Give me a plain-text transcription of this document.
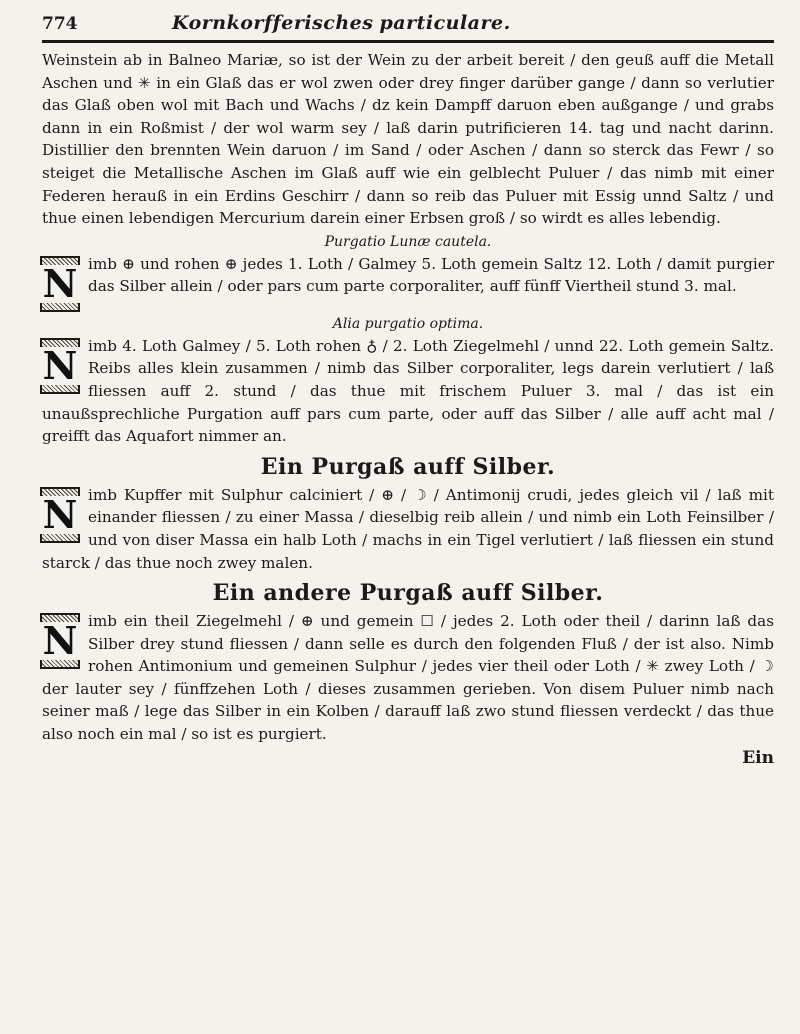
774	Kornkorfferisches particulare.

Weinstein ab in Balneo Mariæ, so ist der Wein zu der arbeit bereit / den geuß auff die Metall Aschen und ✳ in ein Glaß das er wol zwen oder drey finger darüber gange / dann so verlutier das Glaß oben wol mit Bach und Wachs / dz kein Dampff daruon eben außgange / und grabs dann in ein Roßmist / der wol warm sey / laß darin putrificieren 14. tag und nacht darinn. Distillier den brennten Wein daruon / im Sand / oder Aschen / dann so sterck das Fewr / so steiget die Metallische Aschen im Glaß auff wie ein gelblecht Puluer / das nimb mit einer Federen herauß in ein Erdins Geschirr / dann so reib das Puluer mit Essig unnd Saltz / und thue einen lebendigen Mercurium darein einer Erbsen groß / so wirdt es alles lebendig.

Purgatio Lunæ cautela.
N imb ⊕ und rohen ⊕ jedes 1. Loth / Galmey 5. Loth gemein Saltz 12. Loth / damit purgier das Silber allein / oder pars cum parte corporaliter, auff fünff Viertheil stund 3. mal.

Alia purgatio optima.
N imb 4. Loth Galmey / 5. Loth rohen ♁ / 2. Loth Ziegelmehl / unnd 22. Loth gemein Saltz. Reibs alles klein zusammen / nimb das Silber corporaliter, legs darein verlutiert / laß fliessen auff 2. stund / das thue mit frischem Puluer 3. mal / das ist ein unaußsprechliche Purgation auff pars cum parte, oder auff das Silber / alle auff acht mal / greifft das Aquafort nimmer an.

Ein Purgaß auff Silber.
N imb Kupffer mit Sulphur calciniert / ⊕ / ☽ / Antimonij crudi, jedes gleich vil / laß mit einander fliessen / zu einer Massa / dieselbig reib allein / und nimb ein Loth Feinsilber / und von diser Massa ein halb Loth / machs in ein Tigel verlutiert / laß fliessen ein stund starck / das thue noch zwey malen.

Ein andere Purgaß auff Silber.
N imb ein theil Ziegelmehl / ⊕ und gemein ☐ / jedes 2. Loth oder theil / darinn laß das Silber drey stund fliessen / dann selle es durch den folgenden Fluß / der ist also. Nimb rohen Antimonium und gemeinen Sulphur / jedes vier theil oder Loth / ✳ zwey Loth / ☽ der lauter sey / fünffzehen Loth / dieses zusammen gerieben. Von disem Puluer nimb nach seiner maß / lege das Silber in ein Kolben / darauff laß zwo stund fliessen verdeckt / das thue also noch ein mal / so ist es purgiert.

Ein
